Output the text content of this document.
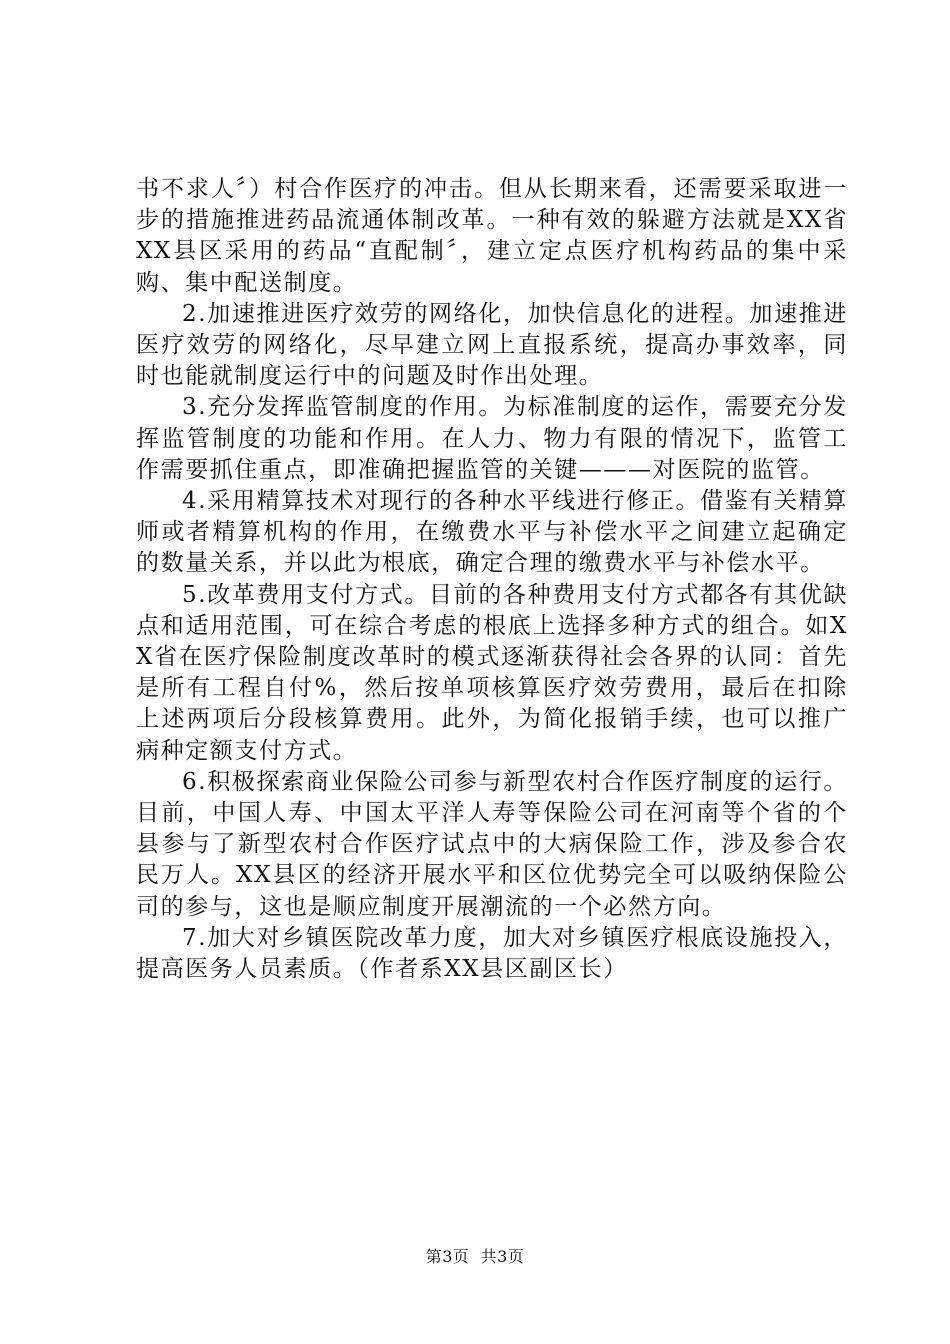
书不求人〞）村合作医疗的冲击。但从长期来看，还需要采取进一步的措施推进药品流通体制改革。一种有效的躲避方法就是XX省XX县区采用的药品“直配制〞，建立定点医疗机构药品的集中采购、集中配送制度。

2.加速推进医疗效劳的网络化，加快信息化的进程。加速推进医疗效劳的网络化，尽早建立网上直报系统，提高办事效率，同时也能就制度运行中的问题及时作出处理。

3.充分发挥监管制度的作用。为标准制度的运作，需要充分发挥监管制度的功能和作用。在人力、物力有限的情况下，监管工作需要抓住重点，即准确把握监管的关键———对医院的监管。

4.采用精算技术对现行的各种水平线进行修正。借鉴有关精算师或者精算机构的作用，在缴费水平与补偿水平之间建立起确定的数量关系，并以此为根底，确定合理的缴费水平与补偿水平。

5.改革费用支付方式。目前的各种费用支付方式都各有其优缺点和适用范围，可在综合考虑的根底上选择多种方式的组合。如XX省在医疗保险制度改革时的模式逐渐获得社会各界的认同：首先是所有工程自付%，然后按单项核算医疗效劳费用，最后在扣除上述两项后分段核算费用。此外，为简化报销手续，也可以推广病种定额支付方式。

6.积极探索商业保险公司参与新型农村合作医疗制度的运行。目前，中国人寿、中国太平洋人寿等保险公司在河南等个省的个县参与了新型农村合作医疗试点中的大病保险工作，涉及参合农民万人。XX县区的经济开展水平和区位优势完全可以吸纳保险公司的参与，这也是顺应制度开展潮流的一个必然方向。

7.加大对乡镇医院改革力度，加大对乡镇医疗根底设施投入，提高医务人员素质。（作者系XX县区副区长）

第3页  共3页
